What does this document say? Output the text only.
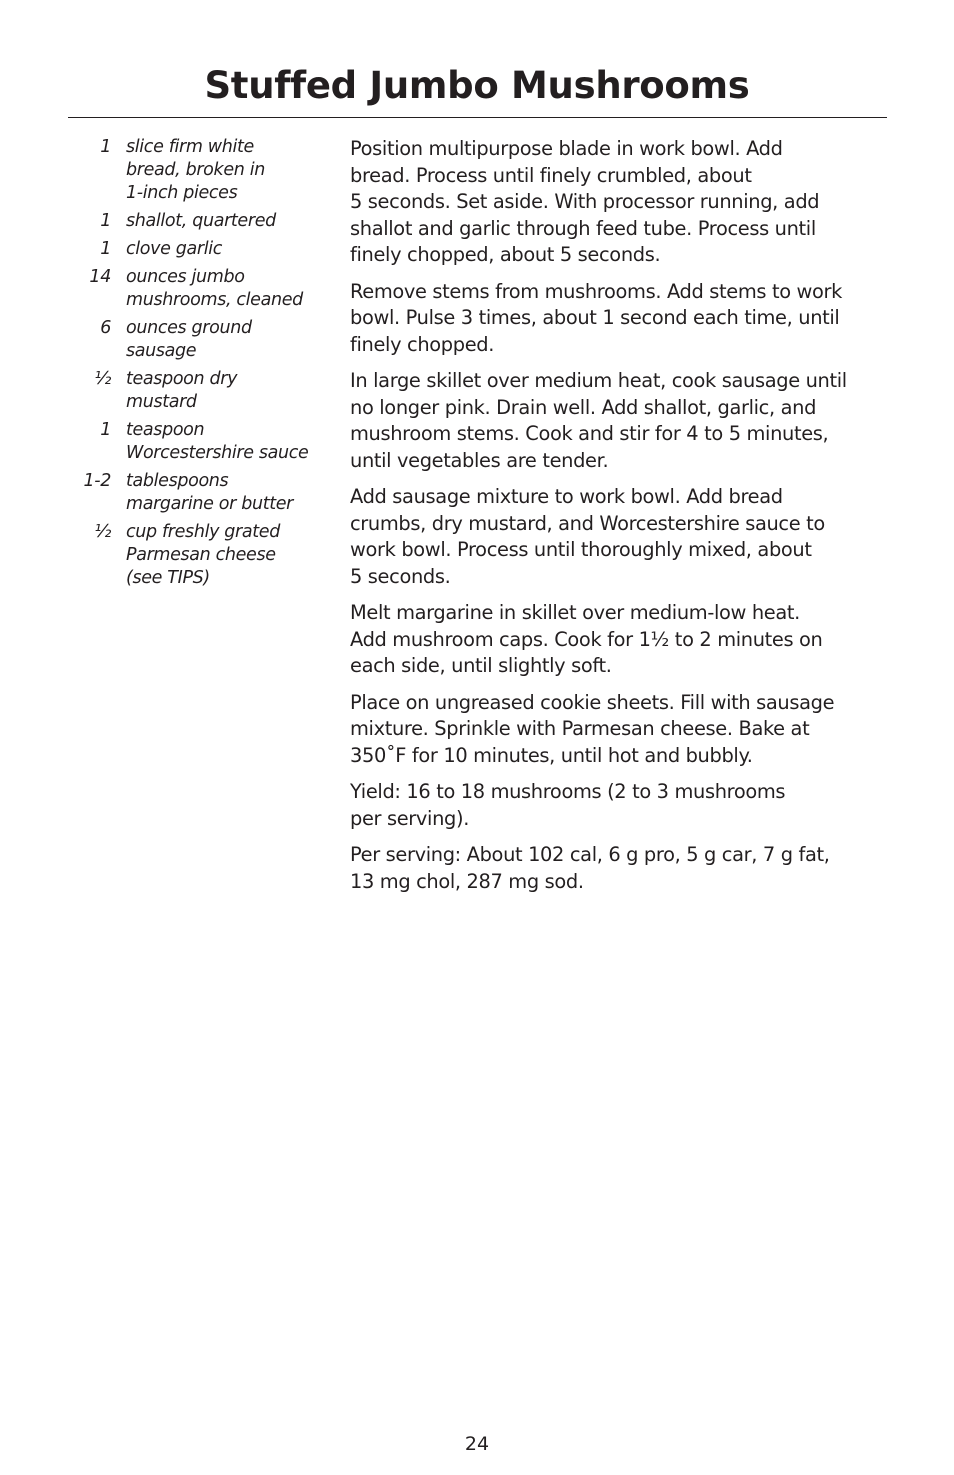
Stuffed Jumbo Mushrooms
1 slice firm white
bread, broken in
1-inch pieces
1 shallot, quartered
1 clove garlic
14 ounces jumbo
mushrooms, cleaned
6 ounces ground
sausage
½ teaspoon dry
mustard
1 teaspoon
Worcestershire sauce
1-2 tablespoons
margarine or butter
½ cup freshly grated
Parmesan cheese
(see TIPS)

Position multipurpose blade in work bowl. Add
bread. Process until finely crumbled, about
5 seconds. Set aside. With processor running, add
shallot and garlic through feed tube. Process until
finely chopped, about 5 seconds.

Remove stems from mushrooms. Add stems to work
bowl. Pulse 3 times, about 1 second each time, until
finely chopped.

In large skillet over medium heat, cook sausage until
no longer pink. Drain well. Add shallot, garlic, and
mushroom stems. Cook and stir for 4 to 5 minutes,
until vegetables are tender.

Add sausage mixture to work bowl. Add bread
crumbs, dry mustard, and Worcestershire sauce to
work bowl. Process until thoroughly mixed, about
5 seconds.

Melt margarine in skillet over medium-low heat.
Add mushroom caps. Cook for 1½ to 2 minutes on
each side, until slightly soft.

Place on ungreased cookie sheets. Fill with sausage
mixture. Sprinkle with Parmesan cheese. Bake at
350˚F for 10 minutes, until hot and bubbly.

Yield: 16 to 18 mushrooms (2 to 3 mushrooms
per serving).

Per serving: About 102 cal, 6 g pro, 5 g car, 7 g fat,
13 mg chol, 287 mg sod.

24
